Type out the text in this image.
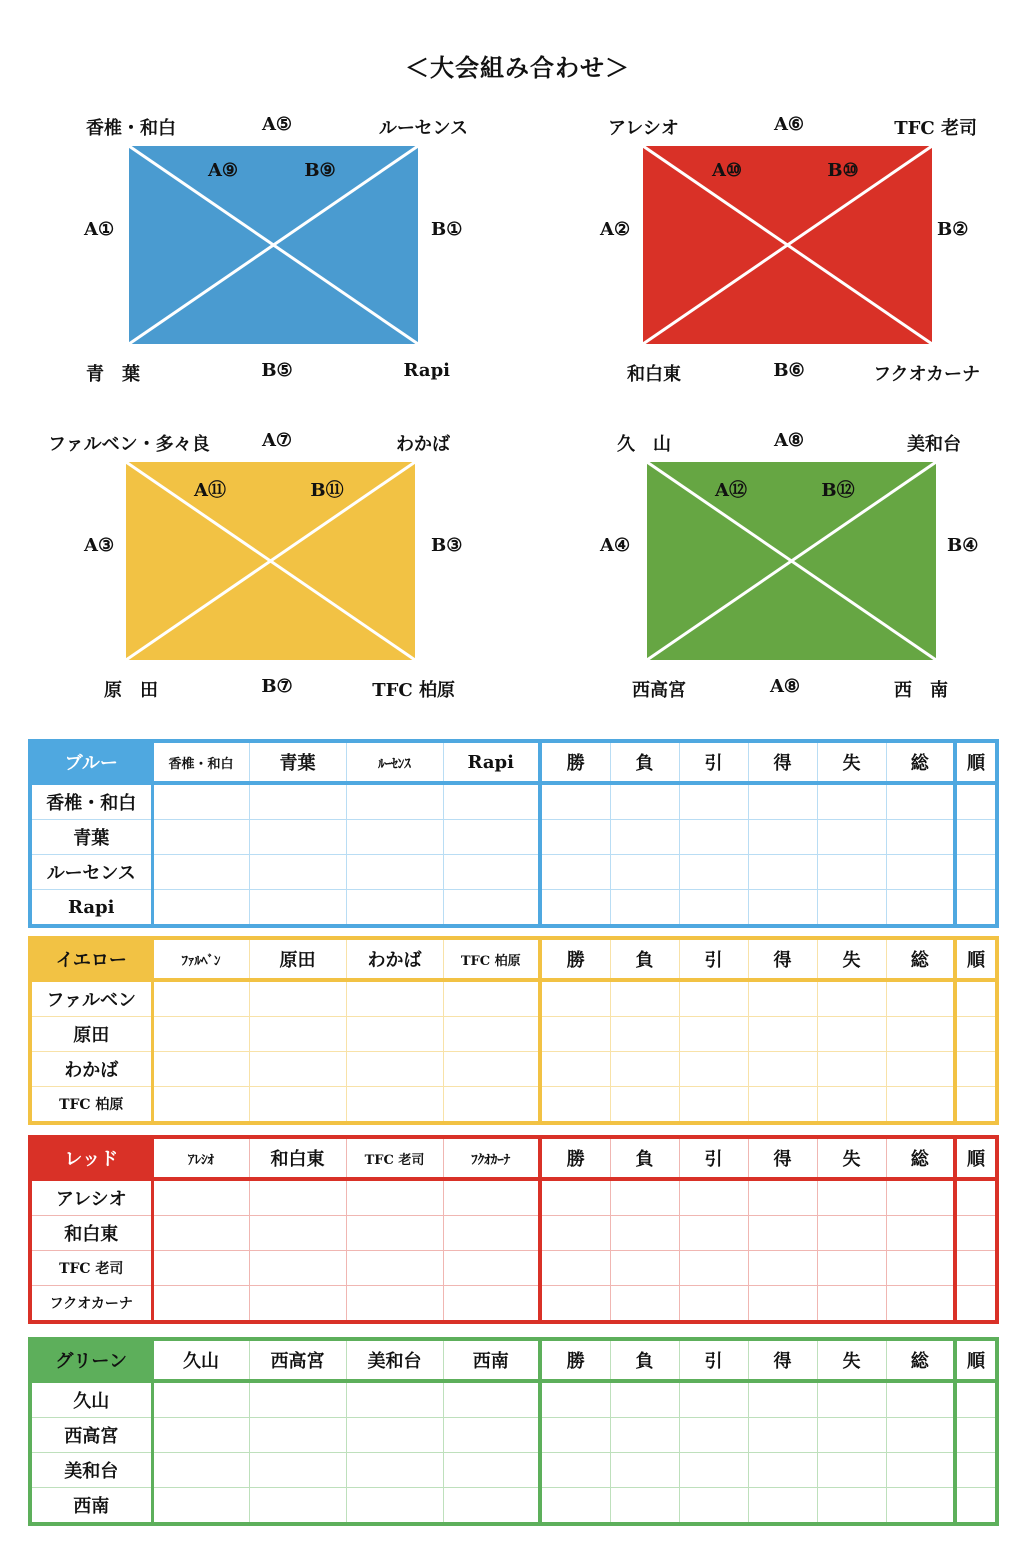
＜大会組み合わせ＞
香椎・和白	A⑤	ルーセンス
A①	B①
青　葉	B⑤	Rapi
A⑨	B⑨
アレシオ	A⑥	TFC 老司
A②	B②
和白東	B⑥	フクオカーナ
A⑩	B⑩
ファルベン・多々良	A⑦	わかば
A③	B③
原　田	B⑦	TFC 柏原
A⑪	B⑪
久　山	A⑧	美和台
A④	B④
西高宮	A⑧	西　南
A⑫	B⑫
ブルー	香椎・和白	青葉	ﾙｰｾﾝｽ	Rapi	勝	負	引	得	失	総	順
香椎・和白											
青葉											
ルーセンス											
Rapi											
イエロー	ﾌｧﾙﾍﾞﾝ	原田	わかば	TFC 柏原	勝	負	引	得	失	総	順
ファルベン											
原田											
わかば											
TFC 柏原											
レッド	ｱﾚｼｵ	和白東	TFC 老司	ﾌｸｵｶｰﾅ	勝	負	引	得	失	総	順
アレシオ											
和白東											
TFC 老司											
フクオカーナ											
グリーン	久山	西高宮	美和台	西南	勝	負	引	得	失	総	順
久山											
西高宮											
美和台											
西南											
